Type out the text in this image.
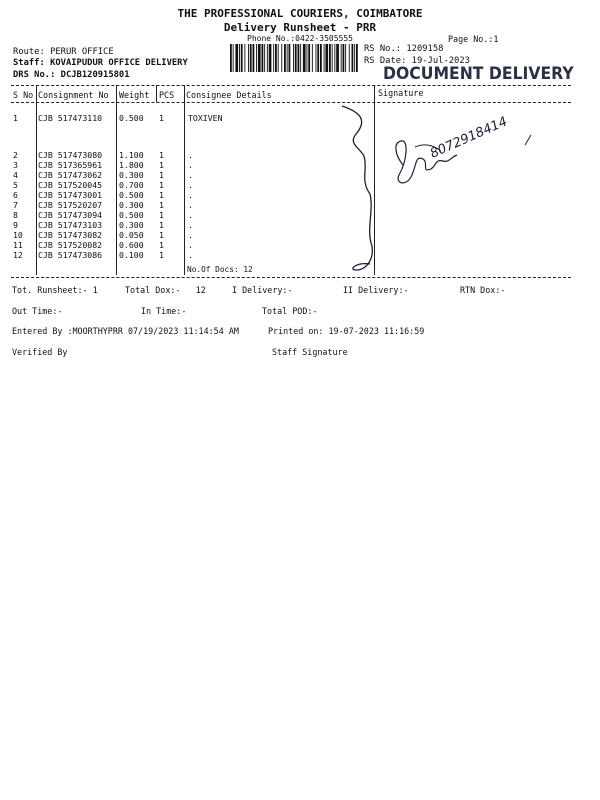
THE PROFESSIONAL COURIERS, COIMBATORE
Delivery Runsheet - PRR
Phone No.:0422-3505555	Page No.:1
Route: PERUR OFFICE
Staff: KOVAIPUDUR OFFICE DELIVERY
DRS No.: DCJB120915801
RS No.: 1209158
RS Date: 19-Jul-2023
DOCUMENT DELIVERY
S No Consignment No Weight PCS Consignee Details	Signature
1 CJB 517473110 0.500 1	TOXIVEN
2 CJB 517473080 1.100 1	.
3 CJB 517365961 1.800 1	.
4 CJB 517473062 0.300 1	.
5 CJB 517520045 0.700 1	.
6 CJB 517473001 0.500 1	.
7 CJB 517520207 0.300 1	.
8 CJB 517473094 0.500 1	.
9 CJB 517473103 0.300 1	.
10 CJB 517473082 0.050 1	.
11 CJB 517520082 0.600 1	.
12 CJB 517473086 0.100 1	.
No.Of Docs: 12
Tot. Runsheet:- 1	Total Dox:-   12	I Delivery:-	II Delivery:-	RTN Dox:-
Out Time:-	In Time:-	Total POD:-
Entered By :MOORTHYPRR 07/19/2023 11:14:54 AM	Printed on: 19-07-2023 11:16:59
Verified By	Staff Signature
8072918414
